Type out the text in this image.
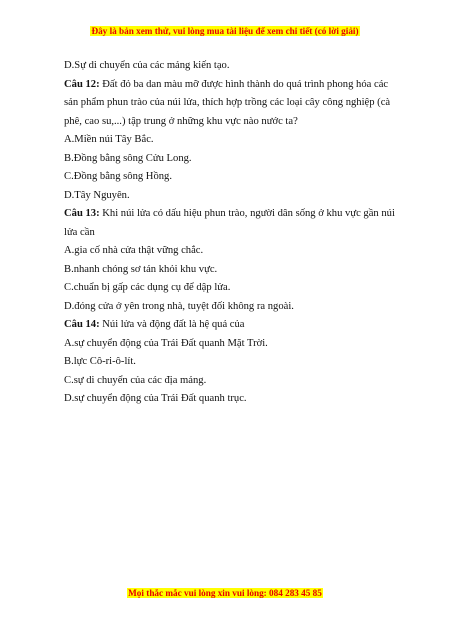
Đây là bản xem thử, vui lòng mua tài liệu để xem chi tiết (có lời giải)
D.Sự di chuyển của các mảng kiến tạo.
Câu 12: Đất đỏ ba dan màu mỡ được hình thành do quá trình phong hóa các
sản phẩm phun trào của núi lửa, thích hợp trồng các loại cây công nghiệp (cà
phê, cao su,...) tập trung ở những khu vực nào nước ta?
A.Miền núi Tây Bắc.
B.Đồng bằng sông Cửu Long.
C.Đồng bằng sông Hồng.
D.Tây Nguyên.
Câu 13: Khi núi lửa có dấu hiệu phun trào, người dân sống ở khu vực gần núi
lửa cần
A.gia cố nhà cửa thật vững chắc.
B.nhanh chóng sơ tán khỏi khu vực.
C.chuẩn bị gấp các dụng cụ để dập lửa.
D.đóng cửa ở yên trong nhà, tuyệt đối không ra ngoài.
Câu 14: Núi lửa và động đất là hệ quả của
A.sự chuyển động của Trái Đất quanh Mặt Trời.
B.lực Cô-ri-ô-lít.
C.sự di chuyển của các địa mảng.
D.sự chuyển động của Trái Đất quanh trục.
Mọi thắc mắc vui lòng xin vui lòng: 084 283 45 85
